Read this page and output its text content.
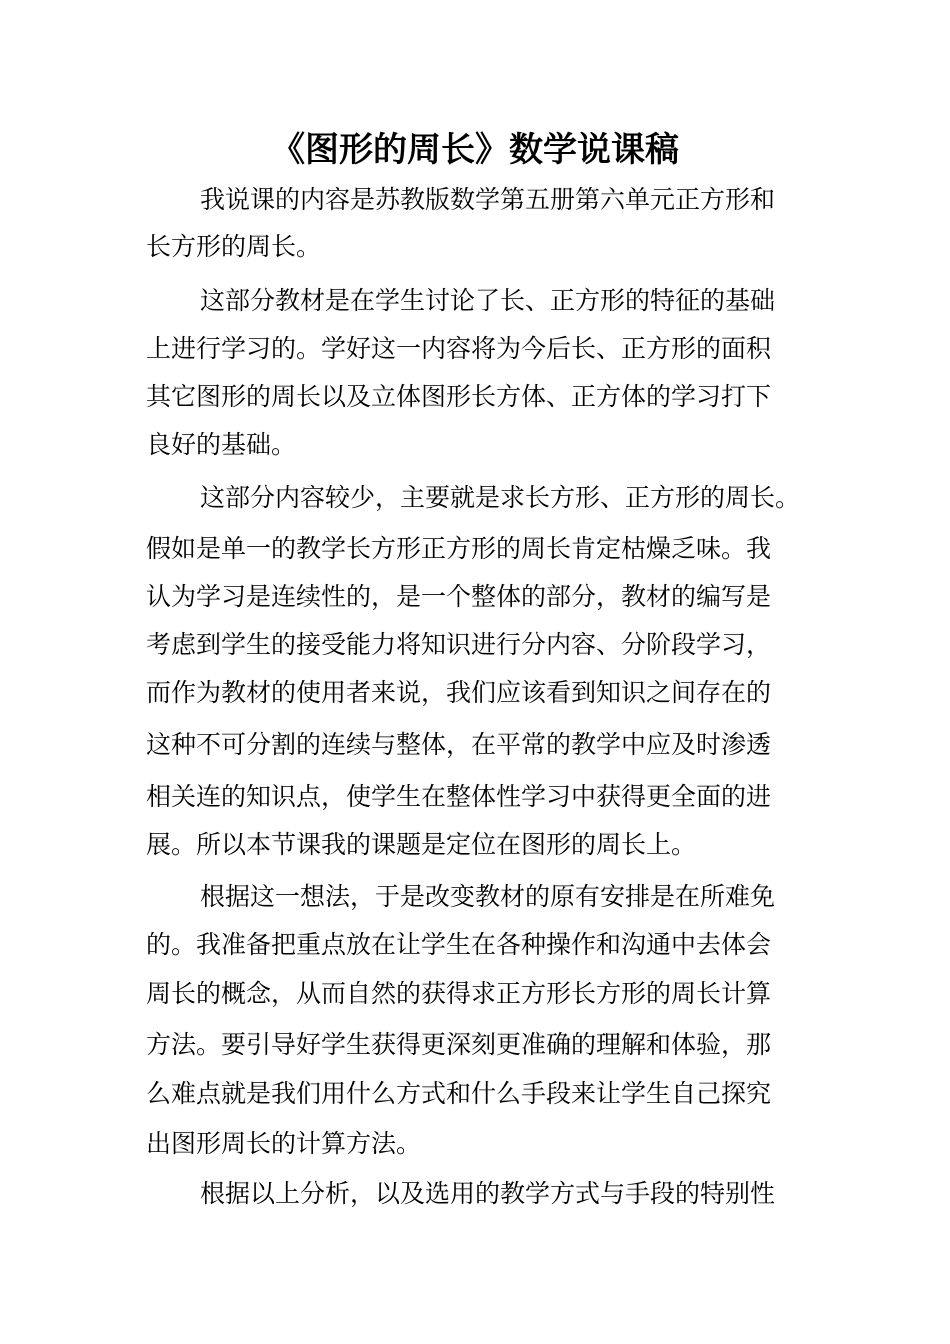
《图形的周长》数学说课稿
我说课的内容是苏教版数学第五册第六单元正方形和
长方形的周长。
这部分教材是在学生讨论了长、正方形的特征的基础
上进行学习的。学好这一内容将为今后长、正方形的面积
其它图形的周长以及立体图形长方体、正方体的学习打下
良好的基础。
这部分内容较少，主要就是求长方形、正方形的周长。
假如是单一的教学长方形正方形的周长肯定枯燥乏味。我
认为学习是连续性的，是一个整体的部分，教材的编写是
考虑到学生的接受能力将知识进行分内容、分阶段学习，
而作为教材的使用者来说，我们应该看到知识之间存在的
这种不可分割的连续与整体，在平常的教学中应及时渗透
相关连的知识点，使学生在整体性学习中获得更全面的进
展。所以本节课我的课题是定位在图形的周长上。
根据这一想法，于是改变教材的原有安排是在所难免
的。我准备把重点放在让学生在各种操作和沟通中去体会
周长的概念，从而自然的获得求正方形长方形的周长计算
方法。要引导好学生获得更深刻更准确的理解和体验，那
么难点就是我们用什么方式和什么手段来让学生自己探究
出图形周长的计算方法。
根据以上分析，以及选用的教学方式与手段的特别性
